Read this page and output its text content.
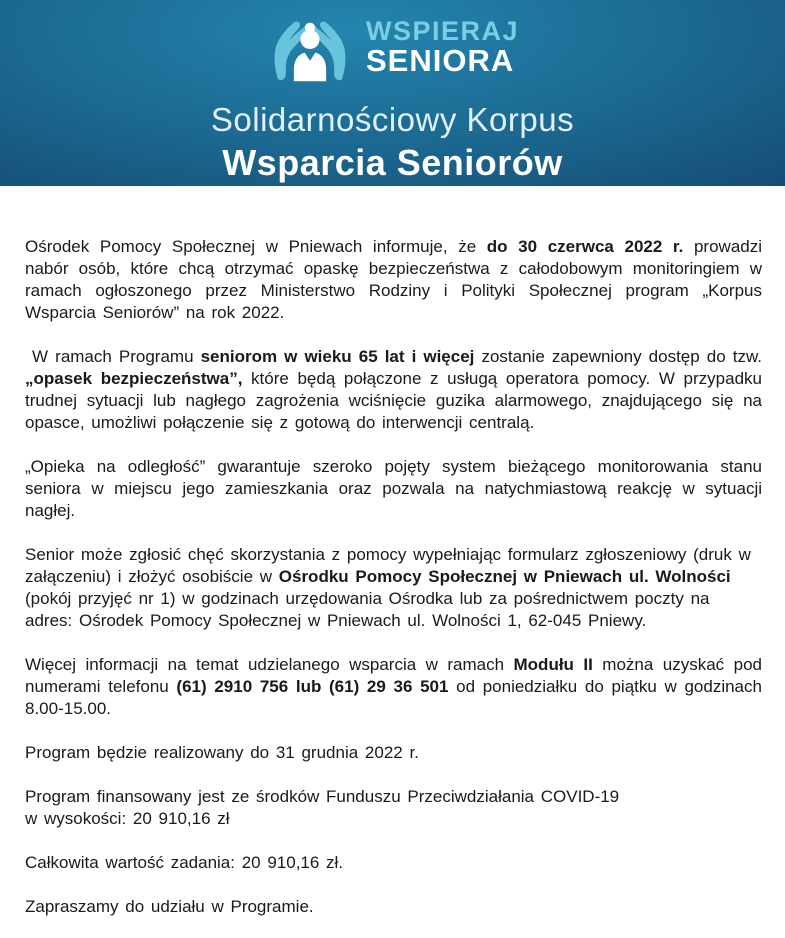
WSPIERAJ
SENIORA
Solidarnościowy Korpus
Wsparcia Seniorów

Ośrodek Pomocy Społecznej w Pniewach informuje, że do 30 czerwca 2022 r. prowadzi nabór osób, które chcą otrzymać opaskę bezpieczeństwa z całodobowym monitoringiem w ramach ogłoszonego przez Ministerstwo Rodziny i Polityki Społecznej program „Korpus Wsparcia Seniorów” na rok 2022.

W ramach Programu seniorom w wieku 65 lat i więcej zostanie zapewniony dostęp do tzw. „opasek bezpieczeństwa”, które będą połączone z usługą operatora pomocy. W przypadku trudnej sytuacji lub nagłego zagrożenia wciśnięcie guzika alarmowego, znajdującego się na opasce, umożliwi połączenie się z gotową do interwencji centralą.

„Opieka na odległość” gwarantuje szeroko pojęty system bieżącego monitorowania stanu seniora w miejscu jego zamieszkania oraz pozwala na natychmiastową reakcję w sytuacji nagłej.

Senior może zgłosić chęć skorzystania z pomocy wypełniając formularz zgłoszeniowy (druk w załączeniu) i złożyć osobiście w Ośrodku Pomocy Społecznej w Pniewach ul. Wolności (pokój przyjęć nr 1) w godzinach urzędowania Ośrodka lub za pośrednictwem poczty na adres: Ośrodek Pomocy Społecznej w Pniewach ul. Wolności 1, 62-045 Pniewy.

Więcej informacji na temat udzielanego wsparcia w ramach Modułu II można uzyskać pod numerami telefonu (61) 2910 756 lub (61) 29 36 501 od poniedziałku do piątku w godzinach 8.00-15.00.

Program będzie realizowany do 31 grudnia 2022 r.

Program finansowany jest ze środków Funduszu Przeciwdziałania COVID-19
w wysokości: 20 910,16 zł

Całkowita wartość zadania: 20 910,16 zł.

Zapraszamy do udziału w Programie.
